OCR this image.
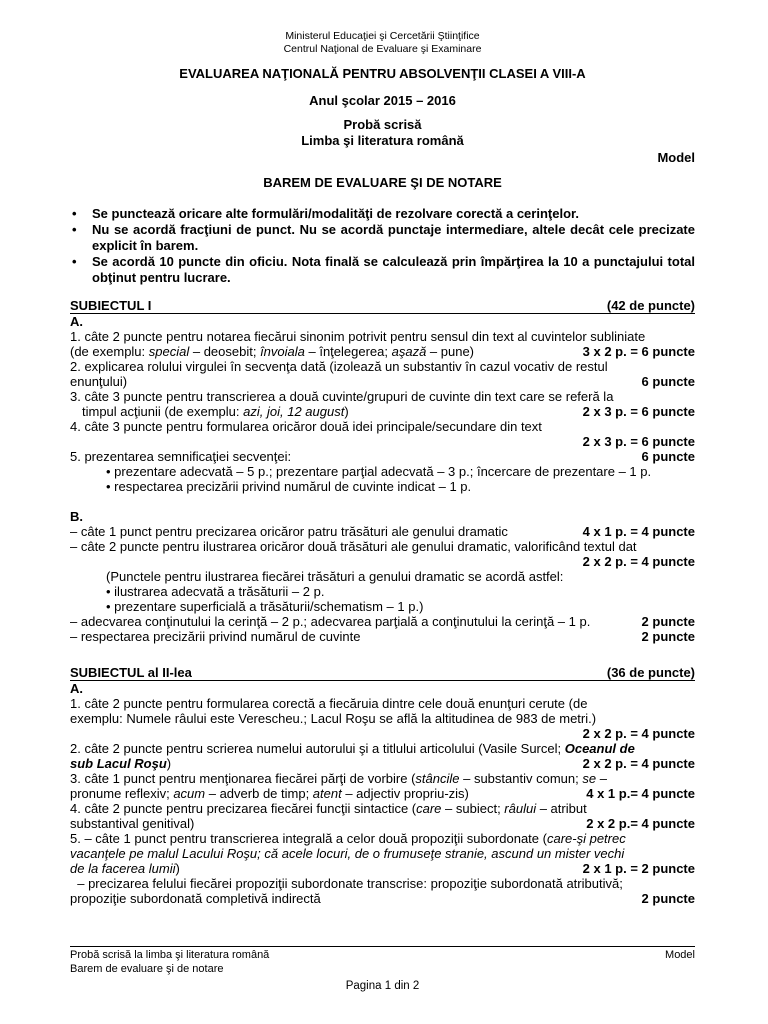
Ministerul Educaţiei şi Cercetării Ştiinţifice
Centrul Naţional de Evaluare şi Examinare
EVALUAREA NAŢIONALĂ PENTRU ABSOLVENŢII CLASEI A VIII-A
Anul şcolar 2015 – 2016
Probă scrisă
Limba şi literatura română
Model
BAREM DE EVALUARE ŞI DE NOTARE
• Se punctează oricare alte formulări/modalităţi de rezolvare corectă a cerinţelor.
• Nu se acordă fracţiuni de punct. Nu se acordă punctaje intermediare, altele decât cele precizate explicit în barem.
• Se acordă 10 puncte din oficiu. Nota finală se calculează prin împărţirea la 10 a punctajului total obţinut pentru lucrare.
SUBIECTUL I	(42 de puncte)
A.
1. câte 2 puncte pentru notarea fiecărui sinonim potrivit pentru sensul din text al cuvintelor subliniate
(de exemplu: special – deosebit; învoiala – înţelegerea; aşază – pune)	3 x 2 p. = 6 puncte
2. explicarea rolului virgulei în secvenţa dată (izolează un substantiv în cazul vocativ de restul
enunţului)	6 puncte
3. câte 3 puncte pentru transcrierea a două cuvinte/grupuri de cuvinte din text care se referă la
timpul acţiunii (de exemplu: azi, joi, 12 august)	2 x 3 p. = 6 puncte
4. câte 3 puncte pentru formularea oricăror două idei principale/secundare din text
2 x 3 p. = 6 puncte
5. prezentarea semnificaţiei secvenţei:	6 puncte
• prezentare adecvată – 5 p.; prezentare parţial adecvată – 3 p.; încercare de prezentare – 1 p.
• respectarea precizării privind numărul de cuvinte indicat – 1 p.
B.
– câte 1 punct pentru precizarea oricăror patru trăsături ale genului dramatic	4 x 1 p. = 4 puncte
– câte 2 puncte pentru ilustrarea oricăror două trăsături ale genului dramatic, valorificând textul dat
2 x 2 p. = 4 puncte
(Punctele pentru ilustrarea fiecărei trăsături a genului dramatic se acordă astfel:
• ilustrarea adecvată a trăsăturii – 2 p.
• prezentare superficială a trăsăturii/schematism – 1 p.)
– adecvarea conţinutului la cerinţă – 2 p.; adecvarea parţială a conţinutului la cerinţă – 1 p.	2 puncte
– respectarea precizării privind numărul de cuvinte	2 puncte
SUBIECTUL al II-lea	(36 de puncte)
A.
1. câte 2 puncte pentru formularea corectă a fiecăruia dintre cele două enunţuri cerute (de
exemplu: Numele râului este Verescheu.; Lacul Roşu se află la altitudinea de 983 de metri.)
2 x 2 p. = 4 puncte
2. câte 2 puncte pentru scrierea numelui autorului şi a titlului articolului (Vasile Surcel; Oceanul de
sub Lacul Roşu)	2 x 2 p. = 4 puncte
3. câte 1 punct pentru menţionarea fiecărei părţi de vorbire (stâncile – substantiv comun; se –
pronume reflexiv; acum – adverb de timp; atent – adjectiv propriu-zis)	4 x 1 p.= 4 puncte
4. câte 2 puncte pentru precizarea fiecărei funcţii sintactice (care – subiect; râului – atribut
substantival genitival)	2 x 2 p.= 4 puncte
5. – câte 1 punct pentru transcrierea integrală a celor două propoziţii subordonate (care-şi petrec
vacanţele pe malul Lacului Roşu; că acele locuri, de o frumuseţe stranie, ascund un mister vechi
de la facerea lumii)	2 x 1 p. = 2 puncte
– precizarea felului fiecărei propoziţii subordonate transcrise: propoziţie subordonată atributivă;
propoziţie subordonată completivă indirectă	2 puncte
Probă scrisă la limba şi literatura română	Model
Barem de evaluare şi de notare
Pagina 1 din 2
